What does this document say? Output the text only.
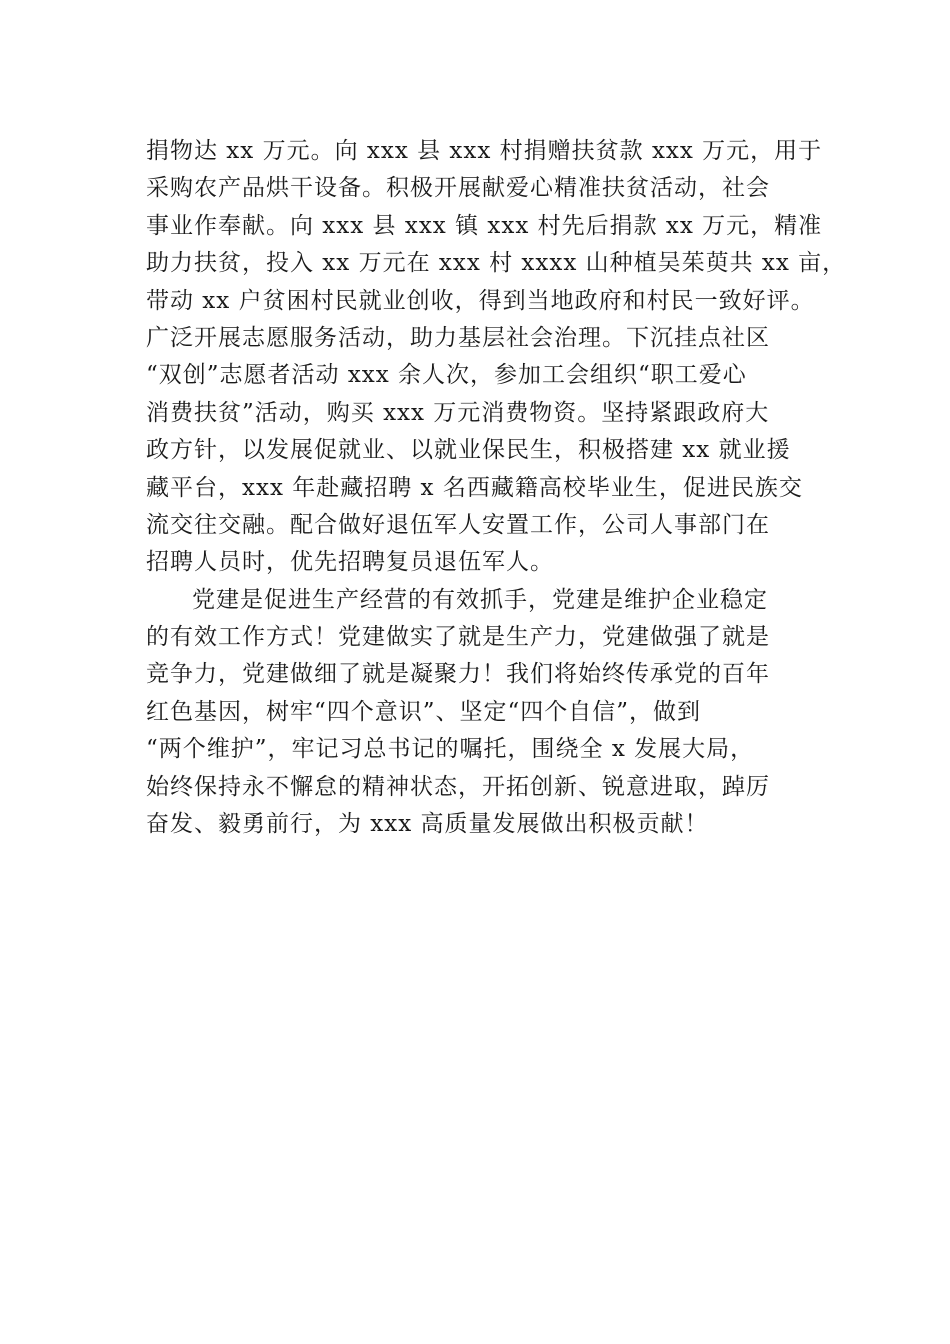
捐物达 xx 万元。向 xxx 县 xxx 村捐赠扶贫款 xxx 万元，用于
采购农产品烘干设备。积极开展献爱心精准扶贫活动，社会
事业作奉献。向 xxx 县 xxx 镇 xxx 村先后捐款 xx 万元，精准
助力扶贫，投入 xx 万元在 xxx 村 xxxx 山种植吴茱萸共 xx 亩，
带动 xx 户贫困村民就业创收，得到当地政府和村民一致好评。
广泛开展志愿服务活动，助力基层社会治理。下沉挂点社区
“双创”志愿者活动 xxx 余人次，参加工会组织“职工爱心
消费扶贫”活动，购买 xxx 万元消费物资。坚持紧跟政府大
政方针，以发展促就业、以就业保民生，积极搭建 xx 就业援
藏平台，xxx 年赴藏招聘 x 名西藏籍高校毕业生，促进民族交
流交往交融。配合做好退伍军人安置工作，公司人事部门在
招聘人员时，优先招聘复员退伍军人。
党建是促进生产经营的有效抓手，党建是维护企业稳定
的有效工作方式！党建做实了就是生产力，党建做强了就是
竞争力，党建做细了就是凝聚力！我们将始终传承党的百年
红色基因，树牢“四个意识”、坚定“四个自信”，做到
“两个维护”，牢记习总书记的嘱托，围绕全 x 发展大局，
始终保持永不懈怠的精神状态，开拓创新、锐意进取，踔厉
奋发、毅勇前行，为 xxx 高质量发展做出积极贡献！
